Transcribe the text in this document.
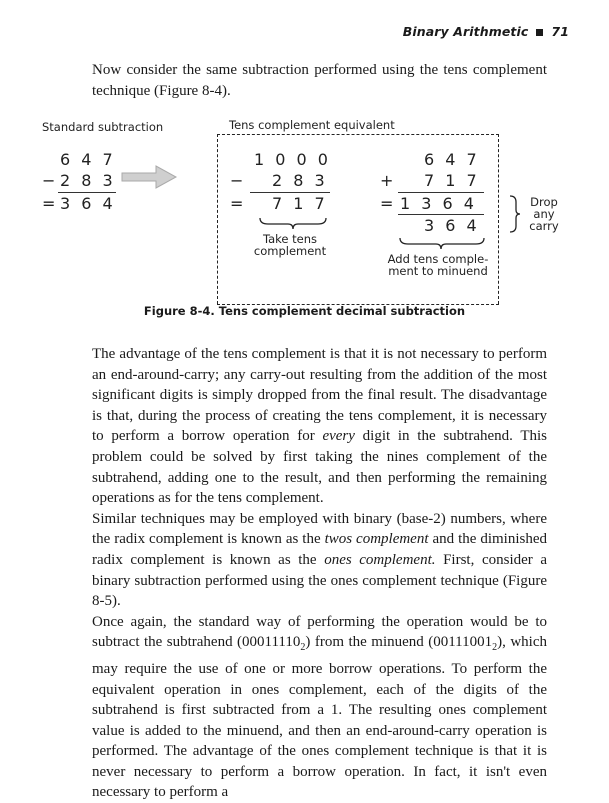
Binary Arithmetic 71

Now consider the same subtraction performed using the tens complement technique (Figure 8-4).

Standard subtraction	Tens complement equivalent
6 4 7
− 2 8 3
= 3 6 4
1 0 0 0
− 2 8 3
= 7 1 7
Take tens
complement
6 4 7
+ 7 1 7
= 1 3 6 4
3 6 4
Add tens comple-
ment to minuend
Drop
any
carry
Figure 8-4. Tens complement decimal subtraction

The advantage of the tens complement is that it is not necessary to perform an end-around-carry; any carry-out resulting from the addition of the most significant digits is simply dropped from the final result. The disadvantage is that, during the process of creating the tens complement, it is necessary to perform a borrow operation for every digit in the subtrahend. This problem could be solved by first taking the nines complement of the subtrahend, adding one to the result, and then performing the remaining operations as for the tens complement.

Similar techniques may be employed with binary (base-2) numbers, where the radix complement is known as the twos complement and the diminished radix complement is known as the ones complement. First, consider a binary subtraction performed using the ones complement technique (Figure 8-5).

Once again, the standard way of performing the operation would be to subtract the subtrahend $(00011110_2)$ from the minuend $(00111001_2)$, which may require the use of one or more borrow operations. To perform the equivalent operation in ones complement, each of the digits of the subtrahend is first subtracted from a 1. The resulting ones complement value is added to the minuend, and then an end-around-carry operation is performed. The advantage of the ones complement technique is that it is never necessary to perform a borrow operation. In fact, it isn't even necessary to perform a
